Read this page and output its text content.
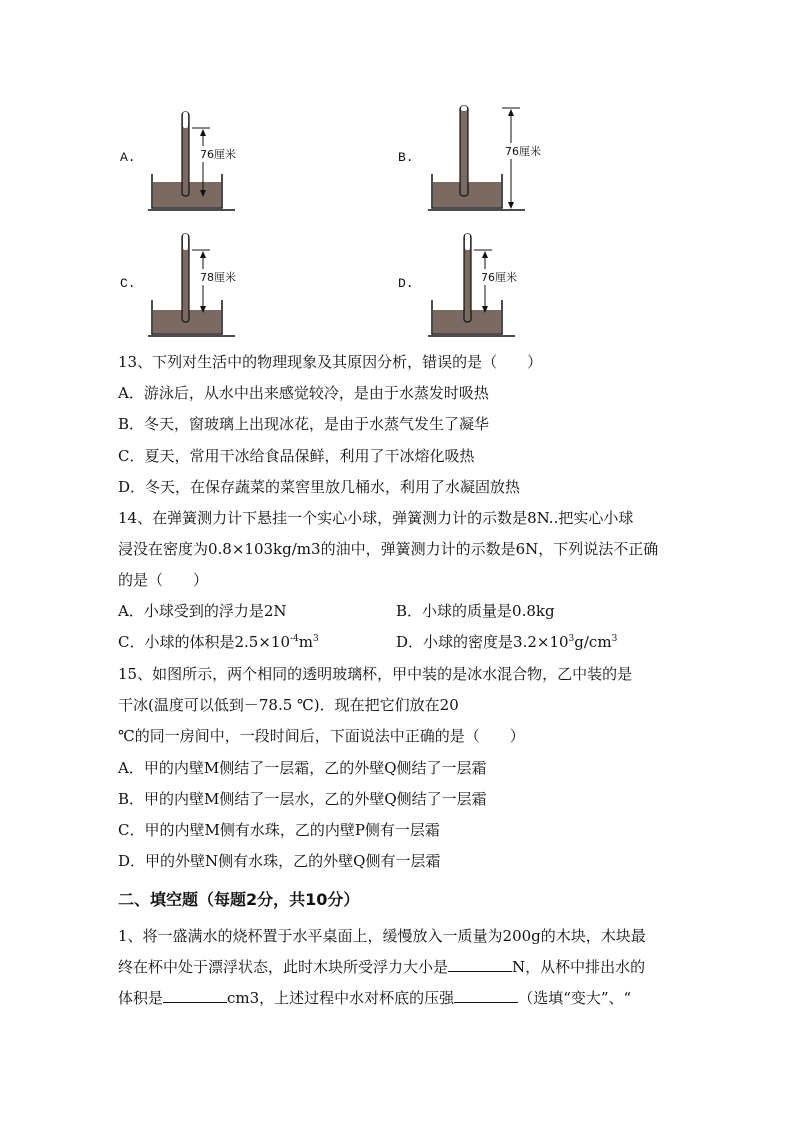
A.	76厘米	B.	76厘米
C.	78厘米	D.	76厘米
13、下列对生活中的物理现象及其原因分析，错误的是（　　）
A．游泳后，从水中出来感觉较冷，是由于水蒸发时吸热
B．冬天，窗玻璃上出现冰花，是由于水蒸气发生了凝华
C．夏天，常用干冰给食品保鲜，利用了干冰熔化吸热
D．冬天，在保存蔬菜的菜窖里放几桶水，利用了水凝固放热
14、在弹簧测力计下悬挂一个实心小球，弹簧测力计的示数是8N..把实心小球
浸没在密度为0.8×103kg/m3的油中，弹簧测力计的示数是6N，下列说法不正确
的是（　　）
A．小球受到的浮力是2N	B．小球的质量是0.8kg
C．小球的体积是$2.5\times 10^{-4}m^3$	D．小球的密度是$3.2\times 10^3g/cm^3$
15、如图所示，两个相同的透明玻璃杯，甲中装的是冰水混合物，乙中装的是
干冰(温度可以低到－78.5 ℃)．现在把它们放在20
℃的同一房间中，一段时间后，下面说法中正确的是（　　）
A．甲的内壁M侧结了一层霜，乙的外壁Q侧结了一层霜
B．甲的内壁M侧结了一层水，乙的外壁Q侧结了一层霜
C．甲的内壁M侧有水珠，乙的内壁P侧有一层霜
D．甲的外壁N侧有水珠，乙的外壁Q侧有一层霜
二、填空题（每题2分，共10分）
1、将一盛满水的烧杯置于水平桌面上，缓慢放入一质量为200g的木块，木块最
终在杯中处于漂浮状态，此时木块所受浮力大小是	N，从杯中排出水的
体积是	cm3，上述过程中水对杯底的压强	（选填“变大”、“
